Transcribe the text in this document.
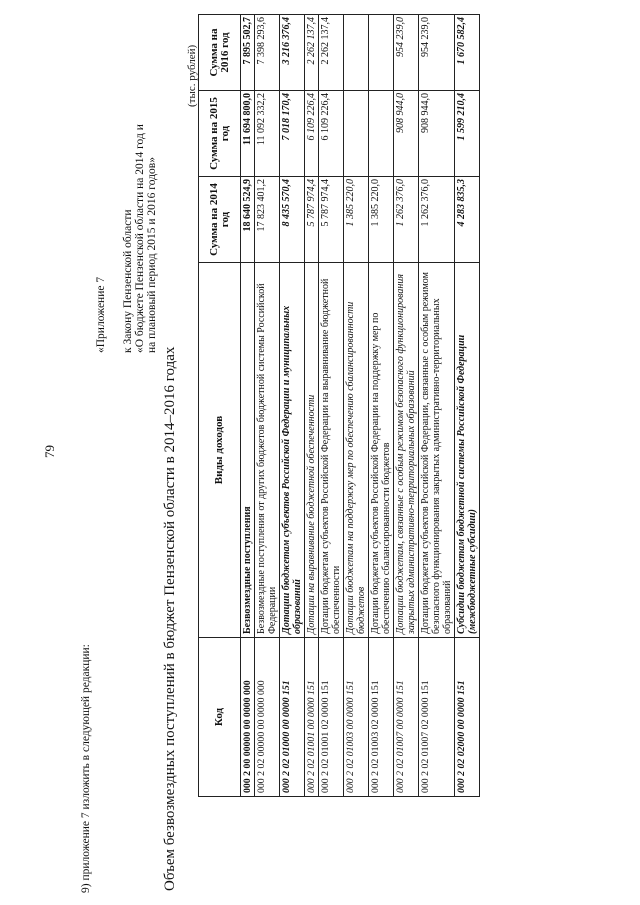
79
9) приложение 7 изложить в следующей редакции:
«Приложение 7 к Закону Пензенской области «О бюджете Пензенской области на 2014 год и на плановый период 2015 и 2016 годов»
Объем безвозмездных поступлений в бюджет Пензенской области в 2014–2016 годах
(тыс. рублей)
Код	Виды доходов	Сумма на 2014 год	Сумма на 2015 год	Сумма на 2016 год
000 2 00 00000 00 0000 000	Безвозмездные поступления	18 640 524,9	11 694 800,0	7 895 502,7
000 2 02 00000 00 0000 000	Безвозмездные поступления от других бюджетов бюджетной системы Российской Федерации	17 823 401,2	11 092 332,2	7 398 293,6
000 2 02 01000 00 0000 151	Дотации бюджетам субъектов Российской Федерации и муниципальных образований	8 435 570,4	7 018 170,4	3 216 376,4
000 2 02 01001 00 0000 151	Дотации на выравнивание бюджетной обеспеченности	5 787 974,4	6 109 226,4	2 262 137,4
000 2 02 01001 02 0000 151	Дотации бюджетам субъектов Российской Федерации на выравнивание бюджетной обеспеченности	5 787 974,4	6 109 226,4	2 262 137,4
000 2 02 01003 00 0000 151	Дотации бюджетам на поддержку мер по обеспечению сбалансированности бюджетов	1 385 220,0		
000 2 02 01003 02 0000 151	Дотации бюджетам субъектов Российской Федерации на поддержку мер по обеспечению сбалансированности бюджетов	1 385 220,0		
000 2 02 01007 00 0000 151	Дотации бюджетам, связанные с особым режимом безопасного функционирования закрытых административно-территориальных образований	1 262 376,0	908 944,0	954 239,0
000 2 02 01007 02 0000 151	Дотации бюджетам субъектов Российской Федерации, связанные с особым режимом безопасного функционирования закрытых административно-территориальных образований	1 262 376,0	908 944,0	954 239,0
000 2 02 02000 00 0000 151	Субсидии бюджетам бюджетной системы Российской Федерации (межбюджетные субсидии)	4 283 835,3	1 599 210,4	1 670 582,4
